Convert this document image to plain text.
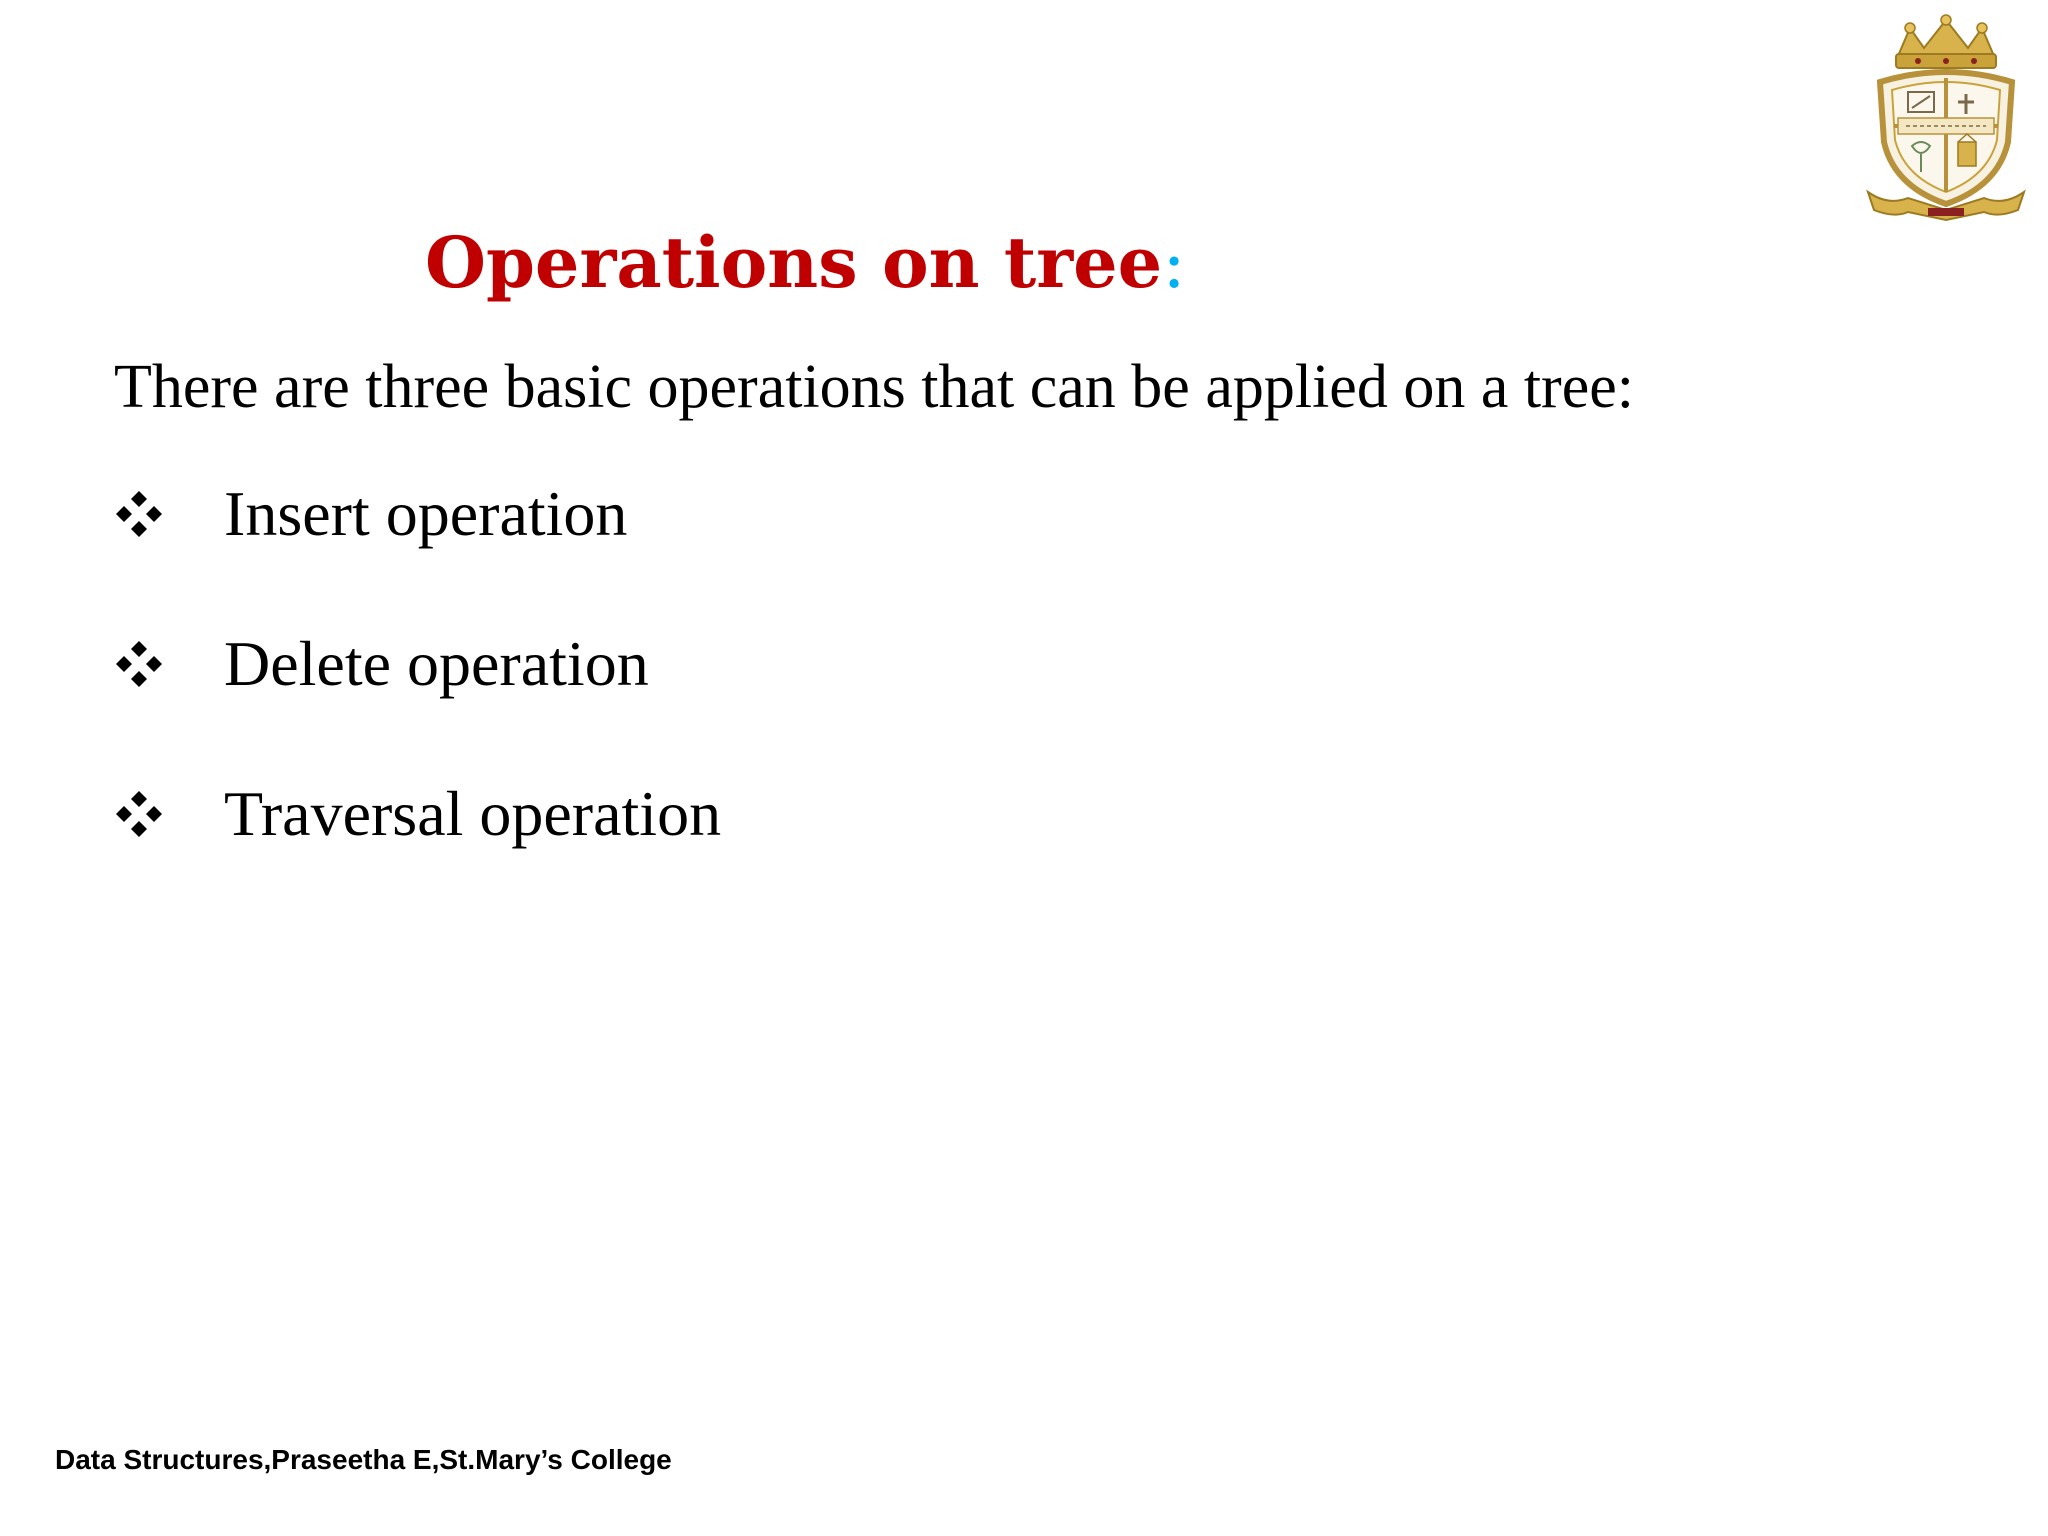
Operations on tree:
There are three basic operations that can be applied on a tree:
Insert operation
Delete operation
Traversal operation
Data Structures,Praseetha E,St.Mary’s College
